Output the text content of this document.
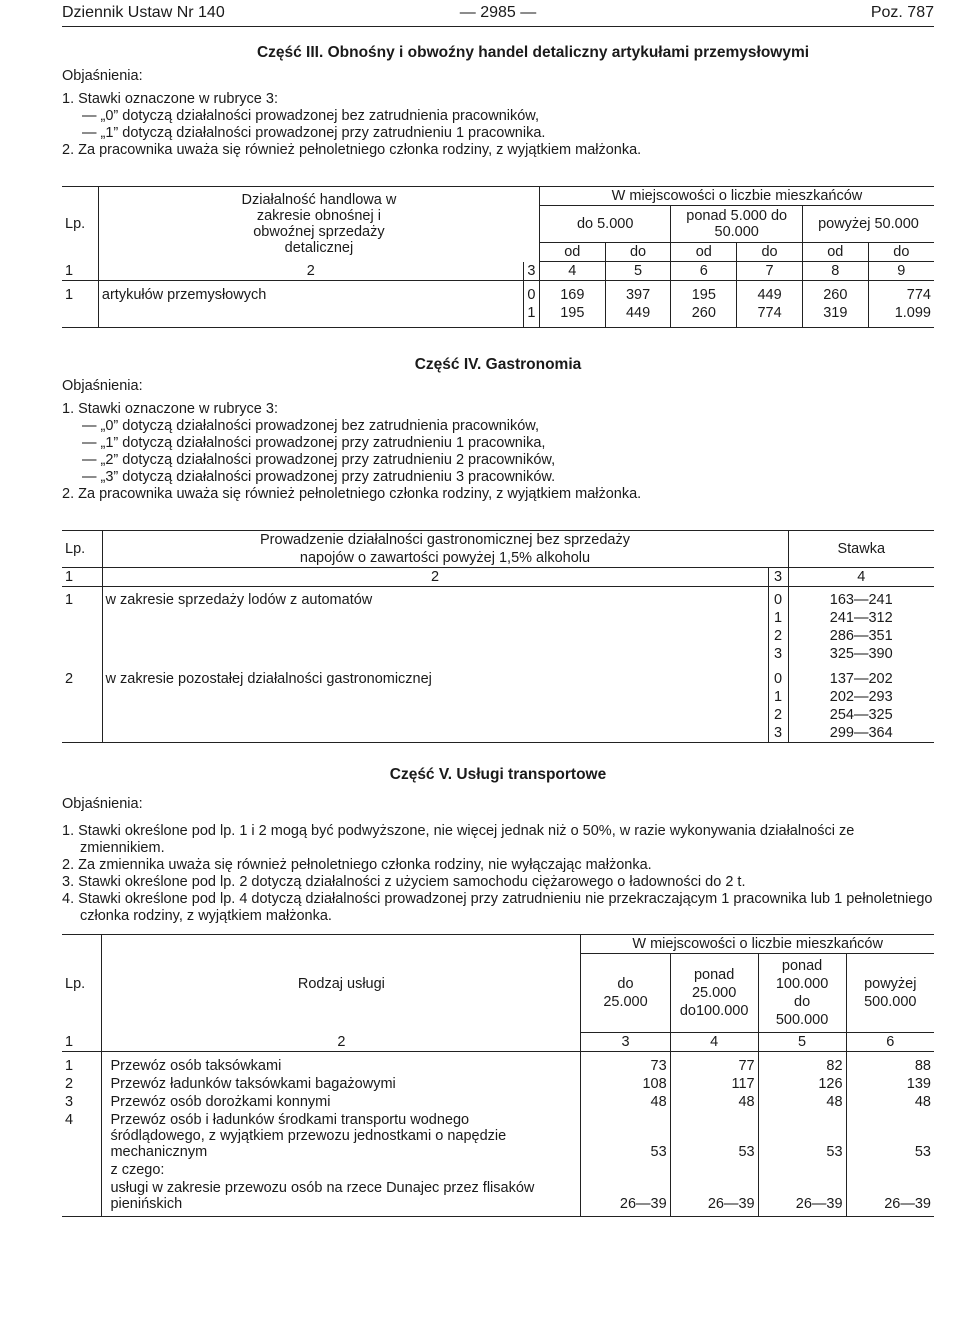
Dziennik Ustaw Nr 140	— 2985 —	Poz. 787
Część III. Obnośny i obwoźny handel detaliczny artykułami przemysłowymi

Objaśnienia:

1. Stawki oznaczone w rubryce 3:

— „0” dotyczą działalności prowadzonej bez zatrudnienia pracowników,

— „1” dotyczą działalności prowadzonej przy zatrudnieniu 1 pracownika.

2. Za pracownika uważa się również pełnoletniego członka rodziny, z wyjątkiem małżonka.

Lp.	Działalność handlowa w zakresie obnośnej i obwoźnej sprzedaży detalicznej		W miejscowości o liczbie mieszkańców					
			do 5.000		ponad 5.000 do 50.000		powyżej 50.000	
			od	do	od	do	od	do
1	2	3	4	5	6	7	8	9
1	artykułów przemysłowych	0	169	397	195	449	260	774
		1	195	449	260	774	319	1.099
Część IV. Gastronomia

Objaśnienia:

1. Stawki oznaczone w rubryce 3:

— „0” dotyczą działalności prowadzonej bez zatrudnienia pracowników,

— „1” dotyczą działalności prowadzonej przy zatrudnieniu 1 pracownika,

— „2” dotyczą działalności prowadzonej przy zatrudnieniu 2 pracowników,

— „3” dotyczą działalności prowadzonej przy zatrudnieniu 3 pracowników.

2. Za pracownika uważa się również pełnoletniego członka rodziny, z wyjątkiem małżonka.

Lp.	Prowadzenie działalności gastronomicznej bez sprzedaży napojów o zawartości powyżej 1,5% alkoholu		Stawka
1	2	3	4
1	w zakresie sprzedaży lodów z automatów	0	163—241
		1	241—312
		2	286—351
		3	325—390
2	w zakresie pozostałej działalności gastronomicznej	0	137—202
		1	202—293
		2	254—325
		3	299—364
Część V. Usługi transportowe

Objaśnienia:

1. Stawki określone pod lp. 1 i 2 mogą być podwyższone, nie więcej jednak niż o 50%, w razie wykonywania działalności ze zmiennikiem.

2. Za zmiennika uważa się również pełnoletniego członka rodziny, nie wyłączając małżonka.

3. Stawki określone pod lp. 2 dotyczą działalności z użyciem samochodu ciężarowego o ładowności do 2 t.

4. Stawki określone pod lp. 4 dotyczą działalności prowadzonej przy zatrudnieniu nie przekraczającym 1 pracownika lub 1 pełnoletniego członka rodziny, z wyjątkiem małżonka.

Lp.	Rodzaj usługi	W miejscowości o liczbie mieszkańców			
		do 25.000	ponad 25.000 do100.000	ponad 100.000 do 500.000	powyżej 500.000
1	2	3	4	5	6
1	Przewóz osób taksówkami	73	77	82	88
2	Przewóz ładunków taksówkami bagażowymi	108	117	126	139
3	Przewóz osób dorożkami konnymi	48	48	48	48
4	Przewóz osób i ładunków środkami transportu wodnego śródlądowego, z wyjątkiem przewozu jednostkami o napędzie mechanicznym	53	53	53	53
	z czego:				
	usługi w zakresie przewozu osób na rzece Dunajec przez flisaków pienińskich	26—39	26—39	26—39	26—39
